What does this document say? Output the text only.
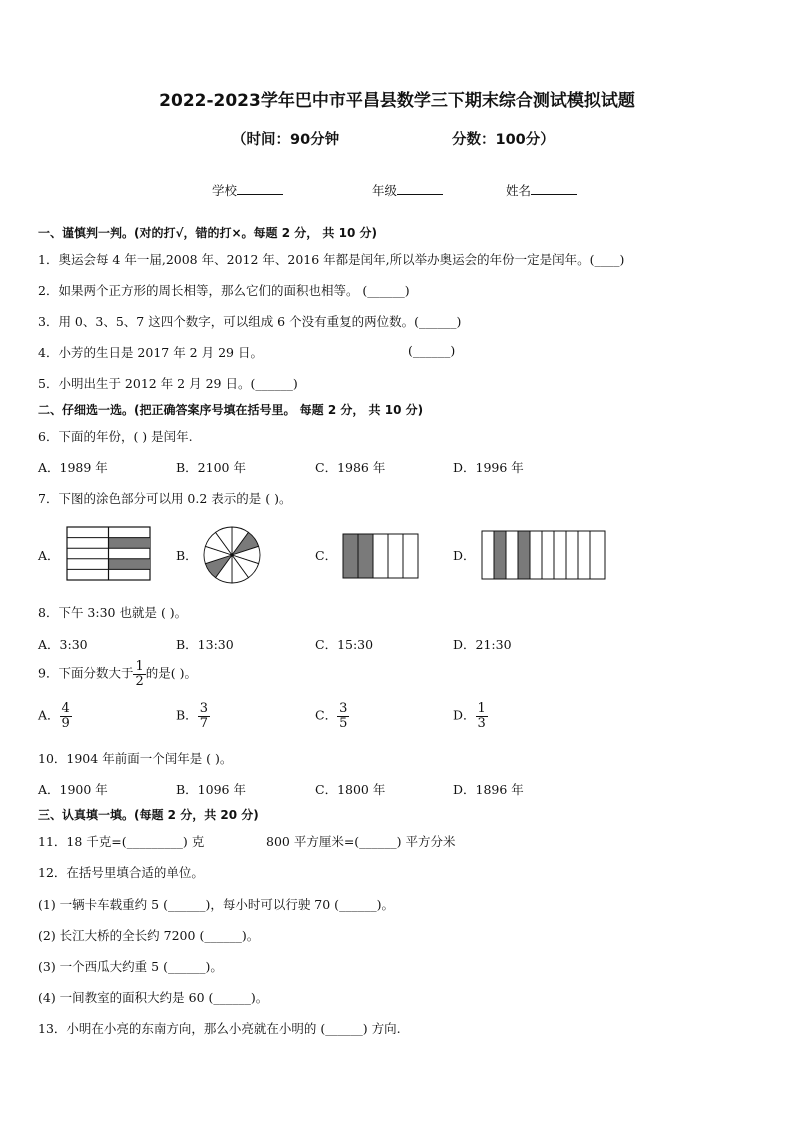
2022-2023学年巴中市平昌县数学三下期末综合测试模拟试题
（时间：90分钟	分数：100分）
学校	年级	姓名
一、谨慎判一判。(对的打√，错的打×。每题 2 分， 共 10 分)
1．奥运会每 4 年一届,2008 年、2012 年、2016 年都是闰年,所以举办奥运会的年份一定是闰年。(____)
2．如果两个正方形的周长相等，那么它们的面积也相等。 (______)
3．用 0、3、5、7 这四个数字，可以组成 6 个没有重复的两位数。(______)
4．小芳的生日是 2017 年 2 月 29 日。	(______)
5．小明出生于 2012 年 2 月 29 日。(______)
二、仔细选一选。(把正确答案序号填在括号里。 每题 2 分， 共 10 分)
6．下面的年份，( ) 是闰年.
A．1989 年	B．2100 年	C．1986 年	D．1996 年
7．下图的涂色部分可以用 0.2 表示的是 ( )。
A．	B．	C．	D．
8．下午 3:30 也就是 ( )。
A．3:30	B．13:30	C．15:30	D．21:30
9．下面分数大于 $\frac{1}{2}$ 的是( )。
A． $\frac{4}{9}$	B． $\frac{3}{7}$	C． $\frac{3}{5}$	D． $\frac{1}{3}$
10．1904 年前面一个闰年是 ( )。
A．1900 年	B．1096 年	C．1800 年	D．1896 年
三、认真填一填。(每题 2 分，共 20 分)
11．18 千克=(_________) 克	800 平方厘米=(______) 平方分米
12．在括号里填合适的单位。
(1) 一辆卡车载重约 5 (______)，每小时可以行驶 70 (______)。
(2) 长江大桥的全长约 7200 (______)。
(3) 一个西瓜大约重 5 (______)。
(4) 一间教室的面积大约是 60 (______)。
13．小明在小亮的东南方向，那么小亮就在小明的 (______) 方向.
